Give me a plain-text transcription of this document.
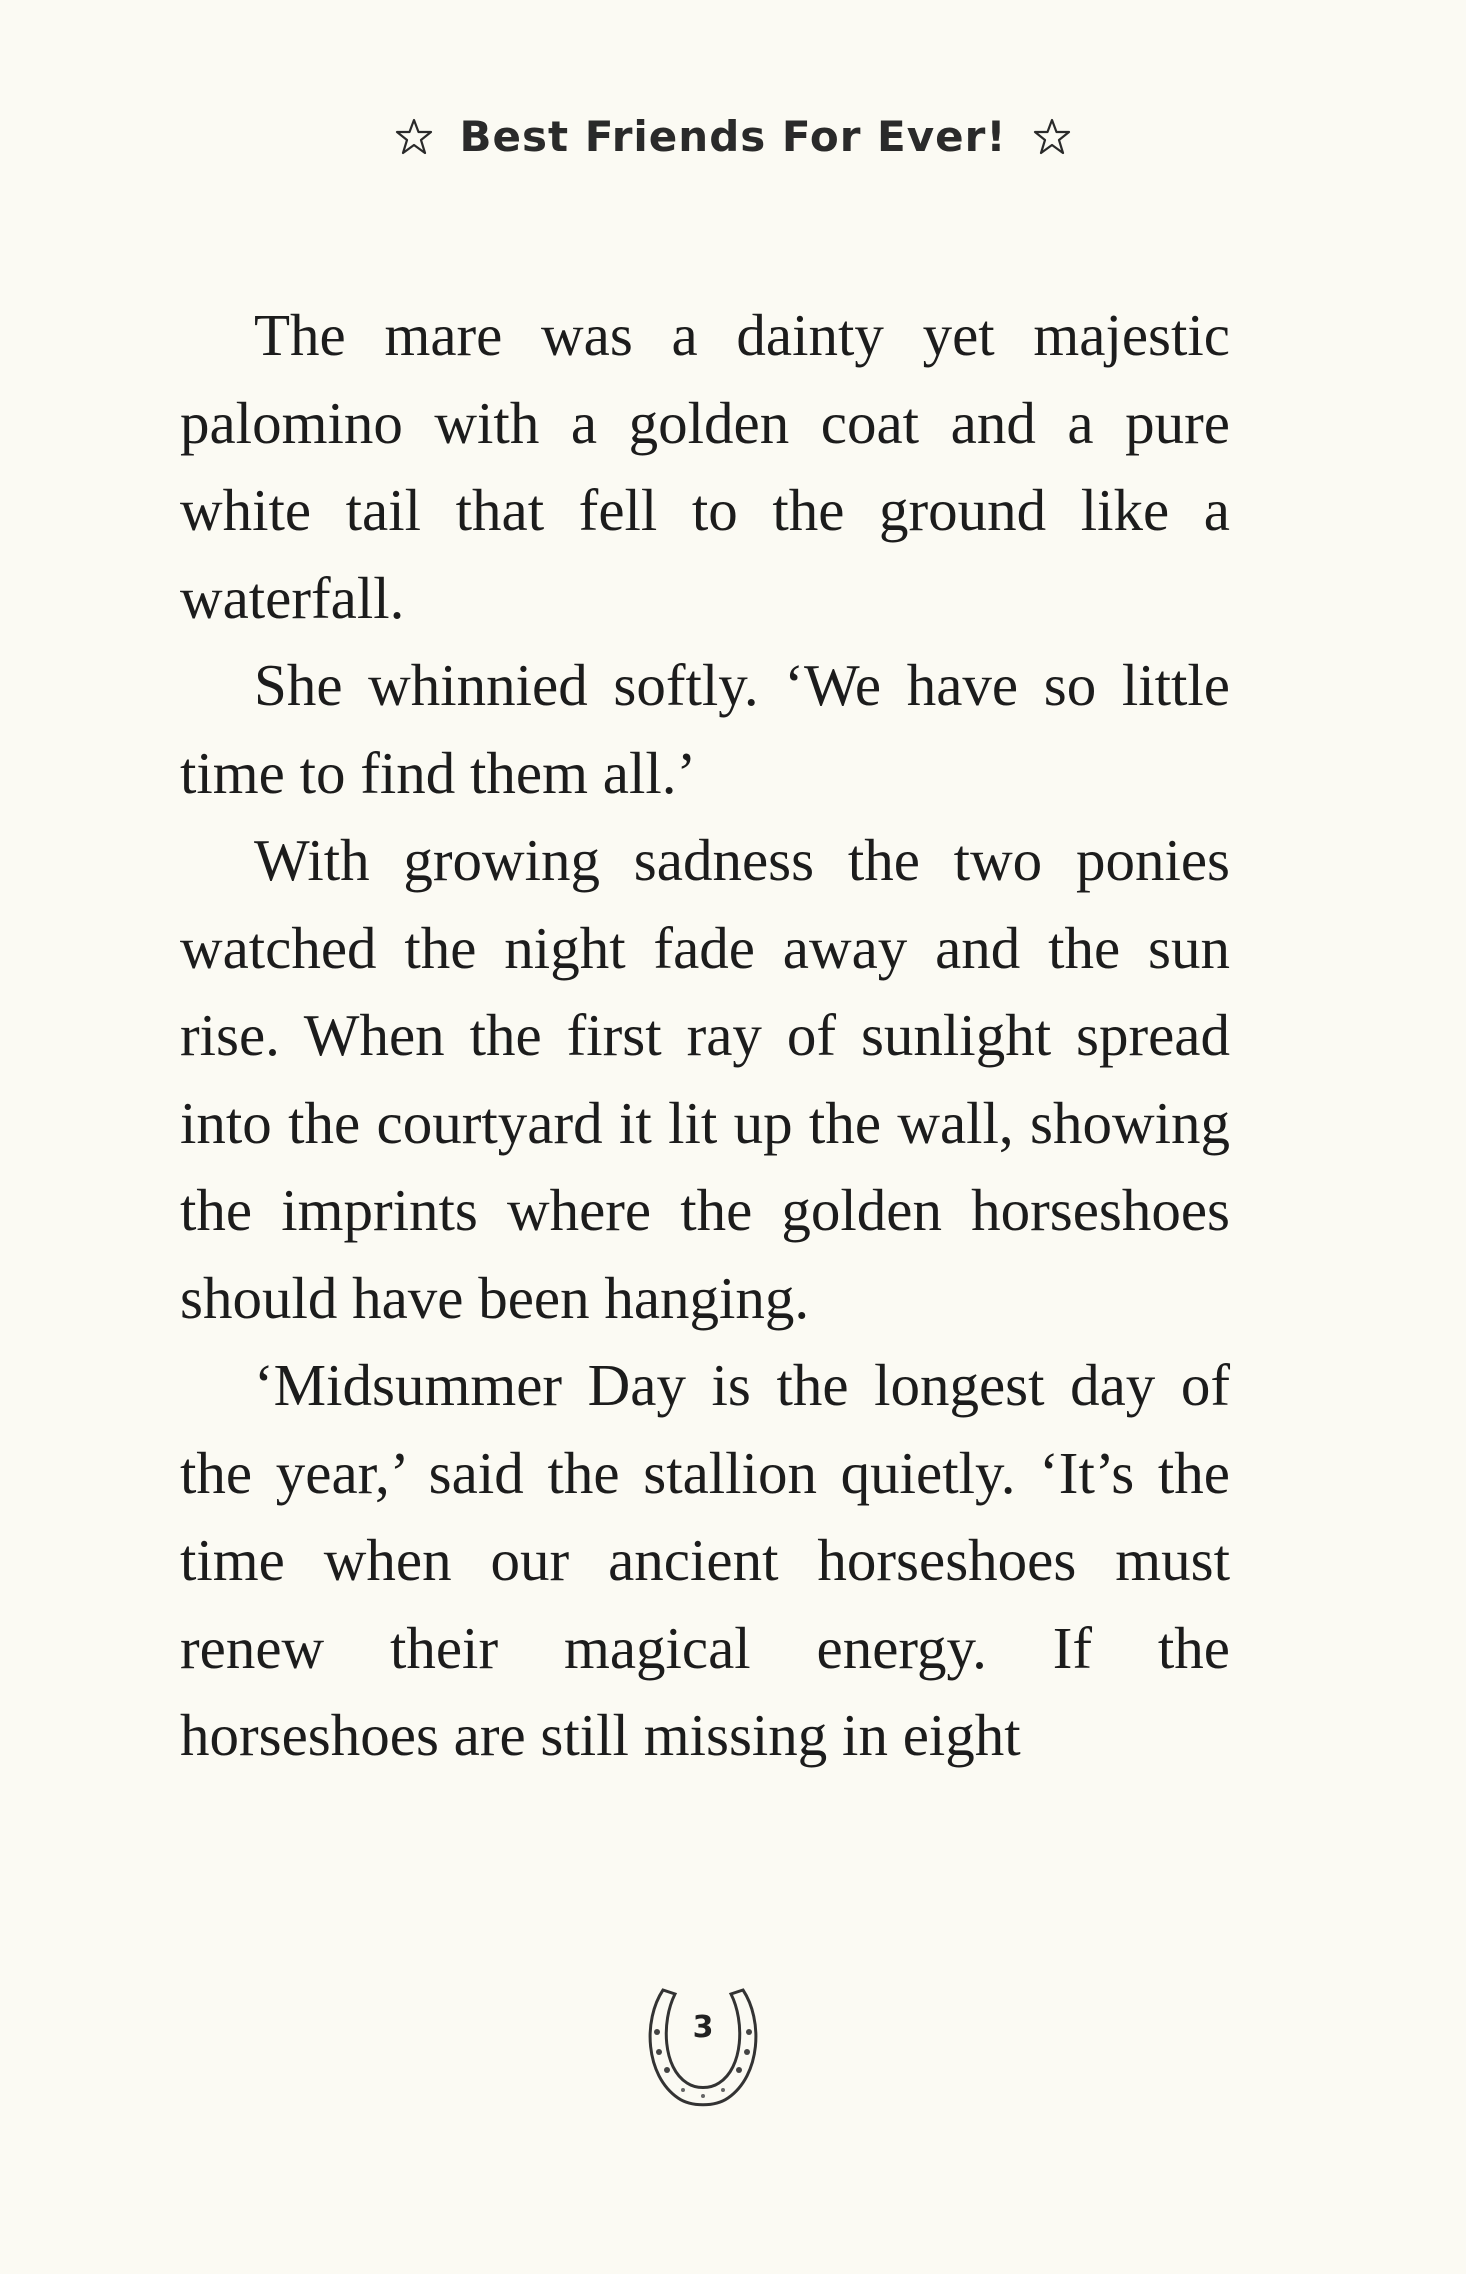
Best Friends For Ever!

The mare was a dainty yet majestic palomino with a golden coat and a pure white tail that fell to the ground like a waterfall.

She whinnied softly. ‘We have so little time to find them all.’

With growing sadness the two ponies watched the night fade away and the sun rise. When the first ray of sunlight spread into the courtyard it lit up the wall, showing the imprints where the golden horseshoes should have been hanging.

‘Midsummer Day is the longest day of the year,’ said the stallion quietly. ‘It’s the time when our ancient horseshoes must renew their magical energy. If the horseshoes are still missing in eight

3
